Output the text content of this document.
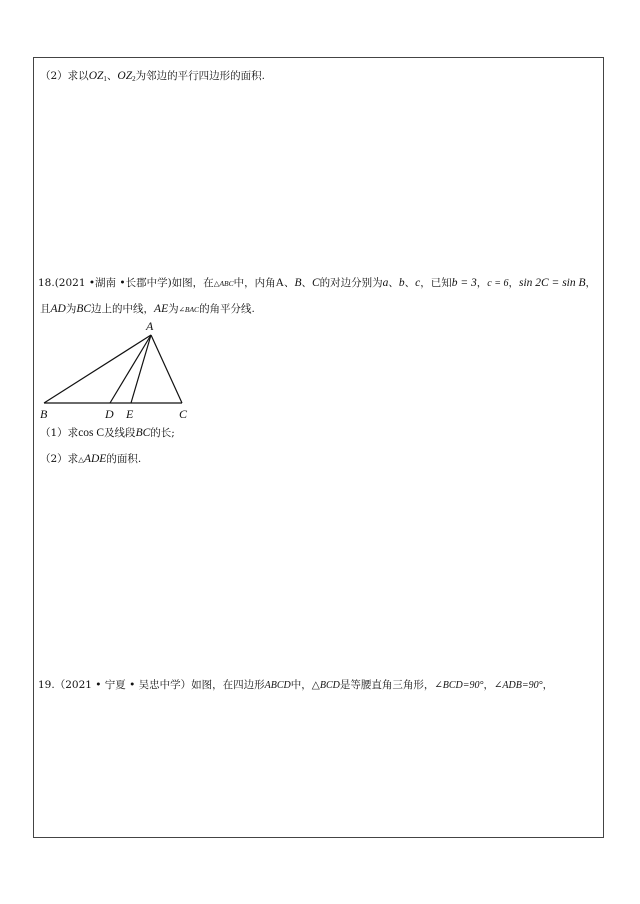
（2）求以$OZ_1$、$OZ_2$为邻边的平行四边形的面积.
18.(2021 •湖南 •长郡中学)如图，在△ABC中，内角A、B、C的对边分别为a、b、c，已知b = 3，c = 6，sin 2C = sin B，
且AD为BC边上的中线，AE为∠BAC的角平分线.
A
B	D E	C
（1）求cos C及线段BC的长;
（2）求△ADE的面积.
19.（2021 • 宁夏 • 吴忠中学）如图，在四边形ABCD中，△BCD是等腰直角三角形，∠BCD=90°，∠ADB=90°，
